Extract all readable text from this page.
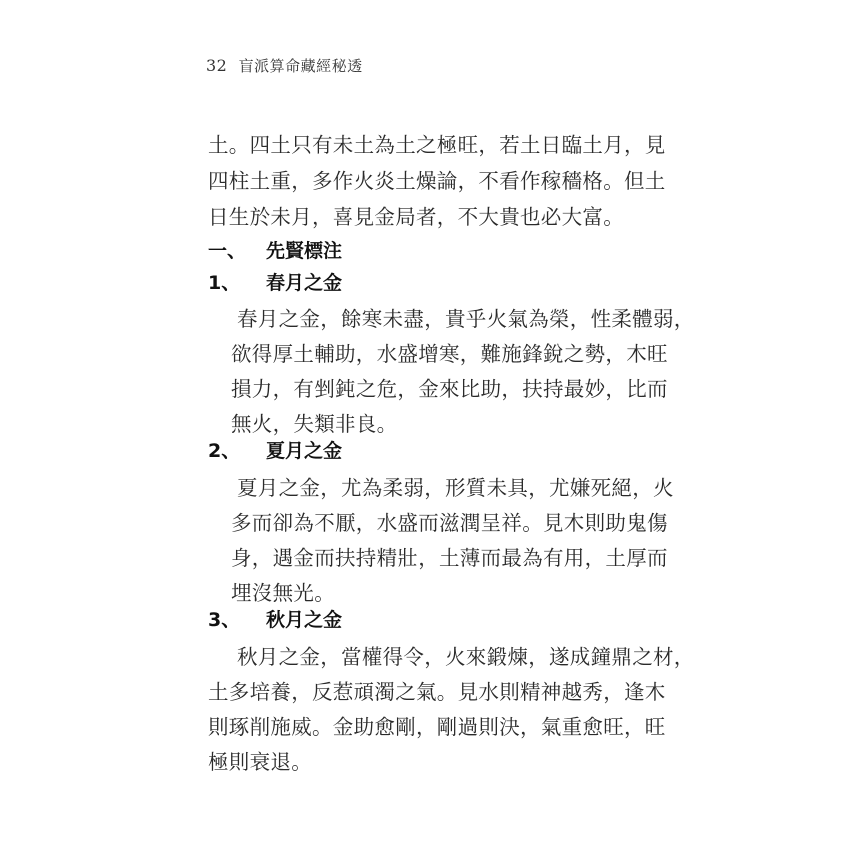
32 盲派算命藏經秘透
土。四土只有未土為土之極旺，若土日臨土月，見
四柱土重，多作火炎土燥論，不看作稼穡格。但土
日生於未月，喜見金局者，不大貴也必大富。
一、 先賢標注
1、 春月之金
春月之金，餘寒未盡，貴乎火氣為榮，性柔體弱，
欲得厚土輔助，水盛增寒，難施鋒銳之勢，木旺
損力，有剉鈍之危，金來比助，扶持最妙，比而
無火，失類非良。
2、 夏月之金
夏月之金，尤為柔弱，形質未具，尤嫌死絕，火
多而卻為不厭，水盛而滋潤呈祥。見木則助鬼傷
身，遇金而扶持精壯，土薄而最為有用，土厚而
埋沒無光。
3、 秋月之金
秋月之金，當權得令，火來鍛煉，遂成鐘鼎之材，
土多培養，反惹頑濁之氣。見水則精神越秀，逢木
則琢削施威。金助愈剛，剛過則決，氣重愈旺，旺
極則衰退。
